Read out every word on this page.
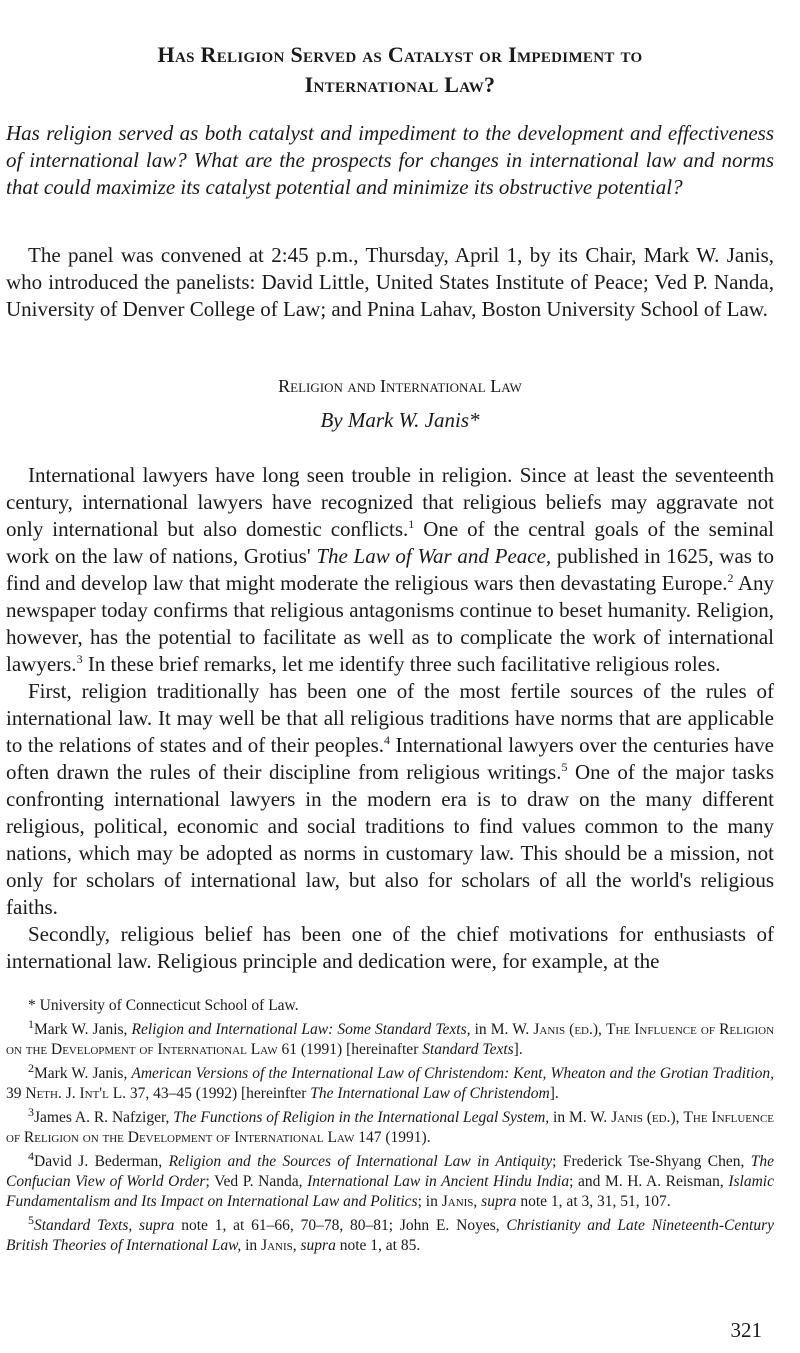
Has Religion Served as Catalyst or Impediment to
International Law?
Has religion served as both catalyst and impediment to the development and effectiveness of international law? What are the prospects for changes in international law and norms that could maximize its catalyst potential and minimize its obstructive potential?
The panel was convened at 2:45 p.m., Thursday, April 1, by its Chair, Mark W. Janis, who introduced the panelists: David Little, United States Institute of Peace; Ved P. Nanda, University of Denver College of Law; and Pnina Lahav, Boston University School of Law.
Religion and International Law
By Mark W. Janis*

International lawyers have long seen trouble in religion. Since at least the seventeenth century, international lawyers have recognized that religious beliefs may aggravate not only international but also domestic conflicts.$^1$ One of the central goals of the seminal work on the law of nations, Grotius' The Law of War and Peace, published in 1625, was to find and develop law that might moderate the religious wars then devastating Europe.$^2$ Any newspaper today confirms that religious antagonisms continue to beset humanity. Religion, however, has the potential to facilitate as well as to complicate the work of international lawyers.$^3$ In these brief remarks, let me identify three such facilitative religious roles.

First, religion traditionally has been one of the most fertile sources of the rules of international law. It may well be that all religious traditions have norms that are applicable to the relations of states and of their peoples.$^4$ International lawyers over the centuries have often drawn the rules of their discipline from religious writings.$^5$ One of the major tasks confronting international lawyers in the modern era is to draw on the many different religious, political, economic and social traditions to find values common to the many nations, which may be adopted as norms in customary law. This should be a mission, not only for scholars of international law, but also for scholars of all the world's religious faiths.

Secondly, religious belief has been one of the chief motivations for enthusiasts of international law. Religious principle and dedication were, for example, at the

* University of Connecticut School of Law.

$^1$Mark W. Janis, Religion and International Law: Some Standard Texts, in M. W. Janis (ed.), The Influence of Religion on the Development of International Law 61 (1991) [hereinafter Standard Texts].

$^2$Mark W. Janis, American Versions of the International Law of Christendom: Kent, Wheaton and the Grotian Tradition, 39 Neth. J. Int'l L. 37, 43–45 (1992) [hereinfter The International Law of Christendom].

$^3$James A. R. Nafziger, The Functions of Religion in the International Legal System, in M. W. Janis (ed.), The Influence of Religion on the Development of International Law 147 (1991).

$^4$David J. Bederman, Religion and the Sources of International Law in Antiquity; Frederick Tse-Shyang Chen, The Confucian View of World Order; Ved P. Nanda, International Law in Ancient Hindu India; and M. H. A. Reisman, Islamic Fundamentalism and Its Impact on International Law and Politics; in Janis, supra note 1, at 3, 31, 51, 107.

$^5$Standard Texts, supra note 1, at 61–66, 70–78, 80–81; John E. Noyes, Christianity and Late Nineteenth-Century British Theories of International Law, in Janis, supra note 1, at 85.

321
